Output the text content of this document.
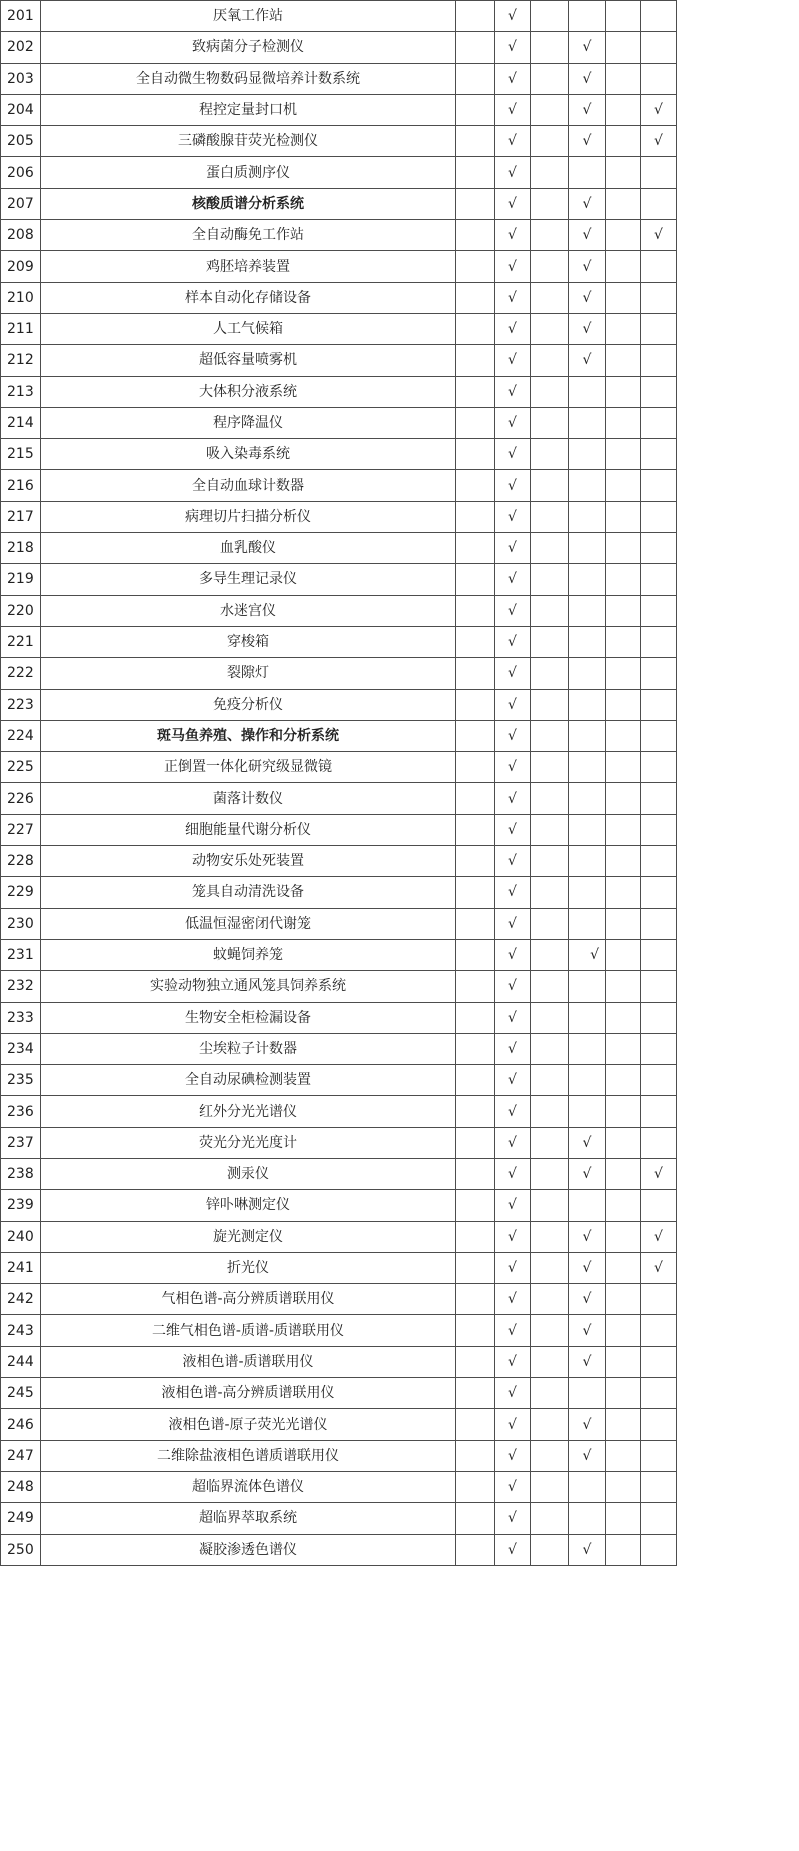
201	厌氧工作站		√				
202	致病菌分子检测仪		√		√		
203	全自动微生物数码显微培养计数系统		√		√		
204	程控定量封口机		√		√		√
205	三磷酸腺苷荧光检测仪		√		√		√
206	蛋白质测序仪		√				
207	核酸质谱分析系统		√		√		
208	全自动酶免工作站		√		√		√
209	鸡胚培养装置		√		√		
210	样本自动化存储设备		√		√		
211	人工气候箱		√		√		
212	超低容量喷雾机		√		√		
213	大体积分液系统		√				
214	程序降温仪		√				
215	吸入染毒系统		√				
216	全自动血球计数器		√				
217	病理切片扫描分析仪		√				
218	血乳酸仪		√				
219	多导生理记录仪		√				
220	水迷宫仪		√				
221	穿梭箱		√				
222	裂隙灯		√				
223	免疫分析仪		√				
224	斑马鱼养殖、操作和分析系统		√				
225	正倒置一体化研究级显微镜		√				
226	菌落计数仪		√				
227	细胞能量代谢分析仪		√				
228	动物安乐处死装置		√				
229	笼具自动清洗设备		√				
230	低温恒湿密闭代谢笼		√				
231	蚊蝇饲养笼		√		√		
232	实验动物独立通风笼具饲养系统		√				
233	生物安全柜检漏设备		√				
234	尘埃粒子计数器		√				
235	全自动尿碘检测装置		√				
236	红外分光光谱仪		√				
237	荧光分光光度计		√		√		
238	测汞仪		√		√		√
239	锌卟啉测定仪		√				
240	旋光测定仪		√		√		√
241	折光仪		√		√		√
242	气相色谱-高分辨质谱联用仪		√		√		
243	二维气相色谱-质谱-质谱联用仪		√		√		
244	液相色谱-质谱联用仪		√		√		
245	液相色谱-高分辨质谱联用仪		√				
246	液相色谱-原子荧光光谱仪		√		√		
247	二维除盐液相色谱质谱联用仪		√		√		
248	超临界流体色谱仪		√				
249	超临界萃取系统		√				
250	凝胶渗透色谱仪		√		√		
